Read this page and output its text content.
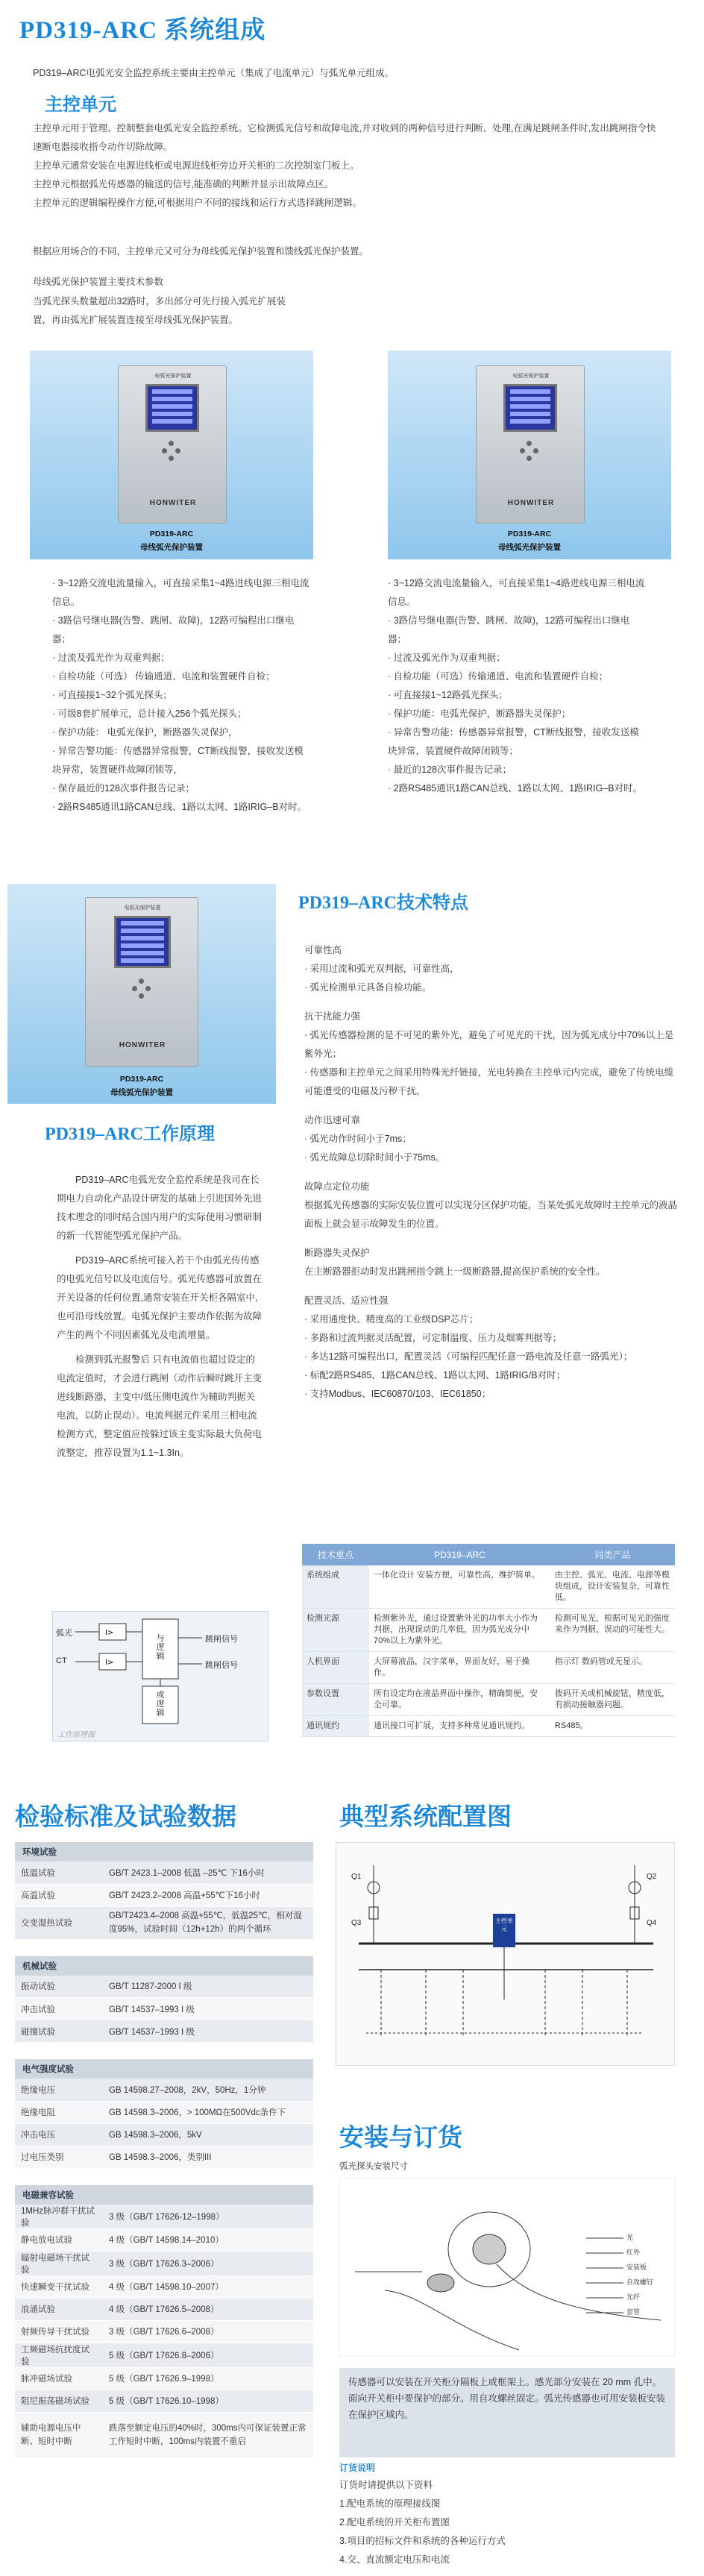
PD319-ARC 系统组成
PD319–ARC电弧光安全监控系统主要由主控单元（集成了电流单元）与弧光单元组成。
主控单元

主控单元用于管理、控制整套电弧光安全监控系统。它检测弧光信号和故障电流,并对收到的两种信号进行判断、处理,在满足跳闸条件时,发出跳闸指令快速断电器接收指令动作切除故障。

主控单元通常安装在电源进线柜或电源进线柜旁边开关柜的二次控制室门板上。

主控单元根据弧光传感器的输送的信号,能准确的判断并显示出故障点区。

主控单元的逻辑编程操作方便,可根据用户不同的接线和运行方式选择跳闸逻辑。

根据应用场合的不同，主控单元又可分为母线弧光保护装置和馈线弧光保护装置。

母线弧光保护装置主要技术参数

当弧光探头数量超出32路时，多出部分可先行接入弧光扩展装置，再由弧光扩展装置连接至母线弧光保护装置。

电弧光保护装置
HONWITER
PD319-ARC
母线弧光保护装置
电弧光保护装置
HONWITER
PD319-ARC
母线弧光保护装置

· 3~12路交流电流量输入，可直接采集1~4路进线电源三相电流信息。

· 3路信号继电器(告警、跳闸、故障)，12路可编程出口继电器；

· 过流及弧光作为双重判据；

· 自检功能（可选） 传输通道、电流和装置硬件自检；

· 可直接接1~32个弧光探头；

· 可级8套扩展单元，总计接入256个弧光探头；

· 保护功能： 电弧光保护，断路器失灵保护，

· 异常告警功能：传感器异常报警，CT断线报警，接收发送模块异常，装置硬件故障闭锁等，

· 保存最近的128次事件报告记录；

· 2路RS485通讯1路CAN总线、1路以太网、1路IRIG–B对时。

· 3~12路交流电流量输入，可直接采集1~4路进线电源三相电流信息。

· 3路信号继电器(告警、跳闸、故障)，12路可编程出口继电器；

· 过流及弧光作为双重判据；

· 自检功能（可选）传输通道、电流和装置硬件自检；

· 可直接接1~12路弧光探头；

· 保护功能：电弧光保护，断路器失灵保护；

· 异常告警功能：传感器异常报警，CT断线报警，接收发送模块异常，装置硬件故障闭锁等；

· 最近的128次事件报告记录；

· 2路RS485通讯1路CAN总线、1路以太网、1路IRIG–B对时。

电弧光保护装置
HONWITER
PD319-ARC
母线弧光保护装置
PD319–ARC技术特点

可靠性高

· 采用过流和弧光双判据，可靠性高，

· 弧光检测单元具备自检功能。

抗干扰能力强

· 弧光传感器检测的是不可见的紫外光，避免了可见光的干扰，因为弧光成分中70%以上是紫外光；

· 传感器和主控单元之间采用特殊光纤链接，光电转换在主控单元内完成，避免了传统电缆可能遭受的电磁及污秽干扰。

动作迅速可靠

· 弧光动作时间小于7ms；

· 弧光故障总切除时间小于75ms。

故障点定位功能

根据弧光传感器的实际安装位置可以实现分区保护功能，当某处弧光故障时主控单元的液晶面板上就会显示故障发生的位置。

断路器失灵保护

在主断路器拒动时发出跳闸指令跳上一级断路器,提高保护系统的安全性。

配置灵活、适应性强

· 采用通度快、精度高的工业级DSP芯片；

· 多路和过流判据灵活配置，可定制温度、压力及烟雾判据等；

· 多达12路可编程出口，配置灵活（可编程匹配任意一路电流及任意一路弧光）；

· 标配2路RS485、1路CAN总线、1路以太网、1路IRIG/B对时；

· 支持Modbus、IEC60870/103、IEC61850；

PD319–ARC工作原理

PD319–ARC电弧光安全监控系统是我司在长期电力自动化产品设计研发的基础上引进国外先进技术理念的同时结合国内用户的实际使用习惯研制的新一代智能型弧光保护产品。

PD319–ARC系统可接入若干个由弧光传传感的电弧光信号以及电流信号。弧光传感器可放置在开关设备的任何位置,通常安装在开关柜各隔室中,也可沿母线放置。电弧光保护主要动作依据为故障产生的两个不同因素弧光及电流增量。

检测到弧光报警后 只有电流值也超过设定的电流定值时，才会进行跳闸（动作后瞬时跳开主变进线断路器，主变中/低压侧电流作为辅助判据关电流，以防止误动）。电流判据元件采用三相电流检测方式，整定值应按躲过该主变实际最大负荷电流整定，推荐设置为1.1~1.3In。

I>
I>
弧光
CT
与逻辑
或逻辑
跳闸信号
跳闸信号
工作原理图
技术重点	PD319–ARC	同类产品
系统组成	一体化设计 安装方便，可靠性高，维护简单。	由主控、弧光、电流、电源等模块组成，设计安装复杂，可靠性低。
检测光源	检测紫外光，通过设置紫外光的功率大小作为判据，出现误动的几率低，因为弧光成分中70%以上为紫外光。	检测可见光，根据可见光的强度来作为判据，误动的可能性大。
人机界面	大屏幕液晶，汉字菜单，界面友好，易于操作。	指示灯 数码管或无显示。
参数设置	所有设定均在液晶界面中操作，精确简便，安全可靠。	拨码开关或机械旋钮，精度低，有损动接触器问题。
通讯规约	通讯接口可扩展，支持多种常见通讯规约。	RS485。
检验标准及试验数据
环境试验
低温试验	GB/T 2423.1–2008 低温 –25℃ 下16小时
高温试验	GB/T 2423.2–2008 高温+55℃下16小时
交变湿热试验	GB/T2423.4–2008 高温+55℃，低温25℃，相对湿度95%，试验时间（12h+12h）的两个循环
机械试验
振动试验	GB/T 11287-2000 I 级
冲击试验	GB/T 14537–1993 I 级
碰撞试验	GB/T 14537–1993 I 级
电气强度试验
绝缘电压	GB 14598.27–2008，2kV，50Hz，1分钟
绝缘电阻	GB 14598.3–2006，> 100MΩ在500Vdc条件下
冲击电压	GB 14598.3–2006，5kV
过电压类别	GB 14598.3–2006，类别III
电磁兼容试验
1MHz脉冲群干扰试验	3 级（GB/T 17626-12–1998）
静电放电试验	4 级（GB/T 14598.14–2010）
辐射电磁场干扰试验	3 级（GB/T 17626.3–2006）
快速瞬变干扰试验	4 级（GB/T 14598.10–2007）
浪涌试验	4 级（GB/T 17626.5–2008）
射频传导干扰试验	3 级（GB/T 17626.6–2008）
工频磁场抗扰度试验	5 级（GB/T 17626.8–2006）
脉冲磁场试验	5 级（GB/T 17626.9–1998）
阻尼振荡磁场试验	5 级（GB/T 17626.10–1998）
辅助电源电压中断、短时中断	跌落至额定电压的40%时，300ms内可保证装置正常工作短时中断，100ms内装置不重启
典型系统配置图
主控单元
Q1	Q2
Q3	Q4
安装与订货
弧光探头安装尺寸
光
红外
安装板
自攻螺钉
光纤
套管

传感器可以安装在开关柜分隔板上或框架上。感光部分安装在 20 mm 孔中。面向开关柜中要保护的部分。用自攻螺丝固定。弧光传感器也可用安装板安装在保护区域内。

订货说明

订货时请提供以下资料

1.配电系统的原理接线图

2.配电系统的开关柜布置图

3.项目的招标文件和系统的各种运行方式

4.交、直流额定电压和电流
